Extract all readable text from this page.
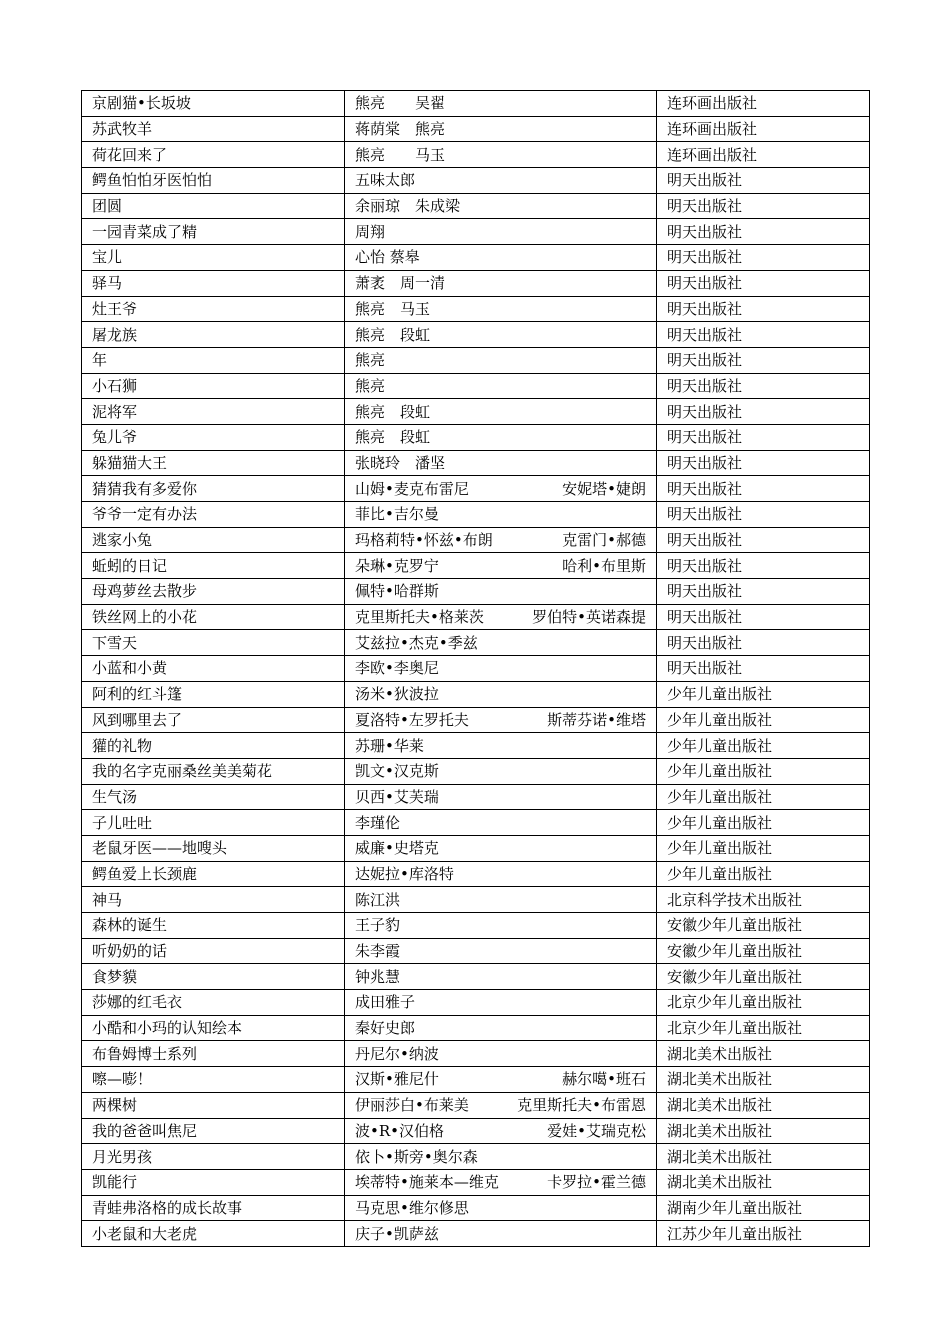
京剧猫•长坂坡	熊亮　　吴翟	连环画出版社
苏武牧羊	蒋荫棠　熊亮	连环画出版社
荷花回来了	熊亮　　马玉	连环画出版社
鳄鱼怕怕牙医怕怕	五味太郎	明天出版社
团圆	余丽琼　朱成梁	明天出版社
一园青菜成了精	周翔	明天出版社
宝儿	心怡 蔡皋	明天出版社
驿马	萧袤　周一清	明天出版社
灶王爷	熊亮　马玉	明天出版社
屠龙族	熊亮　段虹	明天出版社
年	熊亮	明天出版社
小石狮	熊亮	明天出版社
泥将军	熊亮　段虹	明天出版社
兔儿爷	熊亮　段虹	明天出版社
躲猫猫大王	张晓玲　潘坚	明天出版社
猜猜我有多爱你	山姆•麦克布雷尼 安妮塔•婕朗	明天出版社
爷爷一定有办法	菲比•吉尔曼	明天出版社
逃家小兔	玛格莉特•怀兹•布朗 克雷门•郝德	明天出版社
蚯蚓的日记	朵琳•克罗宁 哈利•布里斯	明天出版社
母鸡萝丝去散步	佩特•哈群斯	明天出版社
铁丝网上的小花	克里斯托夫•格莱茨 罗伯特•英诺森提	明天出版社
下雪天	艾兹拉•杰克•季兹	明天出版社
小蓝和小黄	李欧•李奥尼	明天出版社
阿利的红斗篷	汤米•狄波拉	少年儿童出版社
风到哪里去了	夏洛特•左罗托夫 斯蒂芬诺•维塔	少年儿童出版社
獾的礼物	苏珊•华莱	少年儿童出版社
我的名字克丽桑丝美美菊花	凯文•汉克斯	少年儿童出版社
生气汤	贝西•艾芙瑞	少年儿童出版社
子儿吐吐	李瑾伦	少年儿童出版社
老鼠牙医——地嗖头	威廉•史塔克	少年儿童出版社
鳄鱼爱上长颈鹿	达妮拉•库洛特	少年儿童出版社
神马	陈江洪	北京科学技术出版社
森林的诞生	王子豹	安徽少年儿童出版社
听奶奶的话	朱李霞	安徽少年儿童出版社
食梦貘	钟兆慧	安徽少年儿童出版社
莎娜的红毛衣	成田雅子	北京少年儿童出版社
小酷和小玛的认知绘本	秦好史郎	北京少年儿童出版社
布鲁姆博士系列	丹尼尔•纳波	湖北美术出版社
嚓—嘭！	汉斯•雅尼什 赫尔噶•班石	湖北美术出版社
两棵树	伊丽莎白•布莱美 克里斯托夫•布雷恩	湖北美术出版社
我的爸爸叫焦尼	波•R•汉伯格 爱娃•艾瑞克松	湖北美术出版社
月光男孩	依卜•斯旁•奥尔森	湖北美术出版社
凯能行	埃蒂特•施莱本—维克 卡罗拉•霍兰德	湖北美术出版社
青蛙弗洛格的成长故事	马克思•维尔修思	湖南少年儿童出版社
小老鼠和大老虎	庆子•凯萨兹	江苏少年儿童出版社
